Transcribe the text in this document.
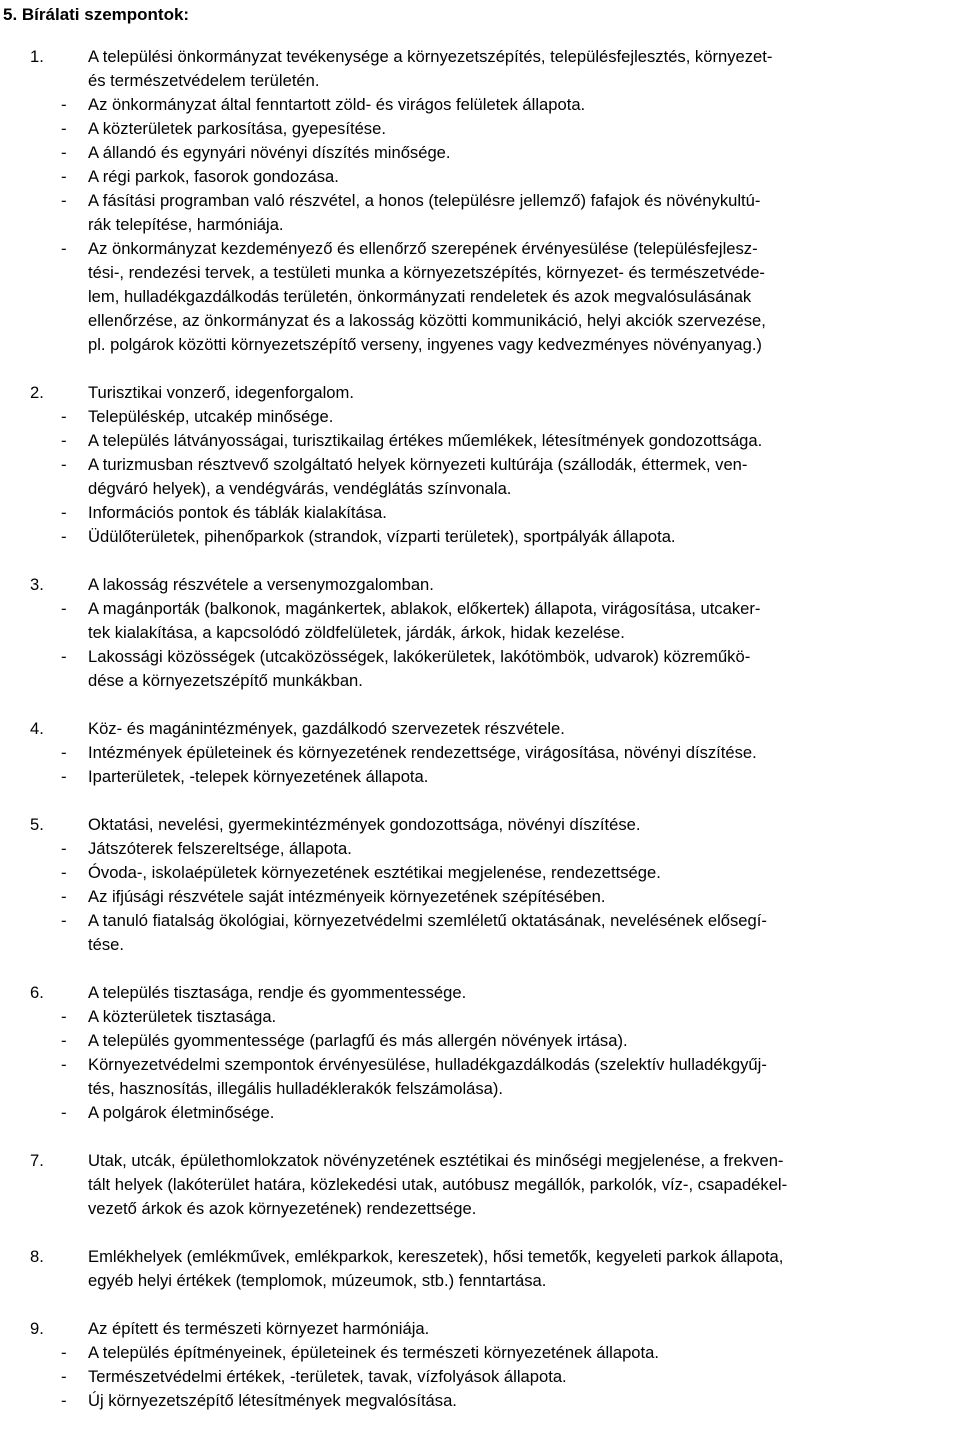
5. Bírálati szempontok:
1.	A települési önkormányzat tevékenysége a környezetszépítés, településfejlesztés, környezet-
és természetvédelem területén.
- Az önkormányzat által fenntartott zöld- és virágos felületek állapota.
- A közterületek parkosítása, gyepesítése.
- A állandó és egynyári növényi díszítés minősége.
- A régi parkok, fasorok gondozása.
- A fásítási programban való részvétel, a honos (településre jellemző) fafajok és növénykultú-
rák telepítése, harmóniája.
- Az önkormányzat kezdeményező és ellenőrző szerepének érvényesülése (településfejlesz-
tési-, rendezési tervek, a testületi munka a környezetszépítés, környezet- és természetvéde-
lem, hulladékgazdálkodás területén, önkormányzati rendeletek és azok megvalósulásának
ellenőrzése, az önkormányzat és a lakosság közötti kommunikáció, helyi akciók szervezése,
pl. polgárok közötti környezetszépítő verseny, ingyenes vagy kedvezményes növényanyag.)
2.	Turisztikai vonzerő, idegenforgalom.
- Településkép, utcakép minősége.
- A település látványosságai, turisztikailag értékes műemlékek, létesítmények gondozottsága.
- A turizmusban résztvevő szolgáltató helyek környezeti kultúrája (szállodák, éttermek, ven-
dégváró helyek), a vendégvárás, vendéglátás színvonala.
- Információs pontok és táblák kialakítása.
- Üdülőterületek, pihenőparkok (strandok, vízparti területek), sportpályák állapota.
3.	A lakosság részvétele a versenymozgalomban.
- A magánporták (balkonok, magánkertek, ablakok, előkertek) állapota, virágosítása, utcaker-
tek kialakítása, a kapcsolódó zöldfelületek, járdák, árkok, hidak kezelése.
- Lakossági közösségek (utcaközösségek, lakókerületek, lakótömbök, udvarok) közreműkö-
dése a környezetszépítő munkákban.
4.	Köz- és magánintézmények, gazdálkodó szervezetek részvétele.
- Intézmények épületeinek és környezetének rendezettsége, virágosítása, növényi díszítése.
- Iparterületek, -telepek környezetének állapota.
5.	Oktatási, nevelési, gyermekintézmények gondozottsága, növényi díszítése.
- Játszóterek felszereltsége, állapota.
- Óvoda-, iskolaépületek környezetének esztétikai megjelenése, rendezettsége.
- Az ifjúsági részvétele saját intézményeik környezetének szépítésében.
- A tanuló fiatalság ökológiai, környezetvédelmi szemléletű oktatásának, nevelésének elősegí-
tése.
6.	A település tisztasága, rendje és gyommentessége.
- A közterületek tisztasága.
- A település gyommentessége (parlagfű és más allergén növények irtása).
- Környezetvédelmi szempontok érvényesülése, hulladékgazdálkodás (szelektív hulladékgyűj-
tés, hasznosítás, illegális hulladéklerakók felszámolása).
- A polgárok életminősége.
7.	Utak, utcák, épülethomlokzatok növényzetének esztétikai és minőségi megjelenése, a frekven-
tált helyek (lakóterület határa, közlekedési utak, autóbusz megállók, parkolók, víz-, csapadékel-
vezető árkok és azok környezetének) rendezettsége.
8.	Emlékhelyek (emlékművek, emlékparkok, kereszetek), hősi temetők, kegyeleti parkok állapota,
egyéb helyi értékek (templomok, múzeumok, stb.) fenntartása.
9.	Az épített és természeti környezet harmóniája.
- A település építményeinek, épületeinek és természeti környezetének állapota.
- Természetvédelmi értékek, -területek, tavak, vízfolyások állapota.
- Új környezetszépítő létesítmények megvalósítása.
